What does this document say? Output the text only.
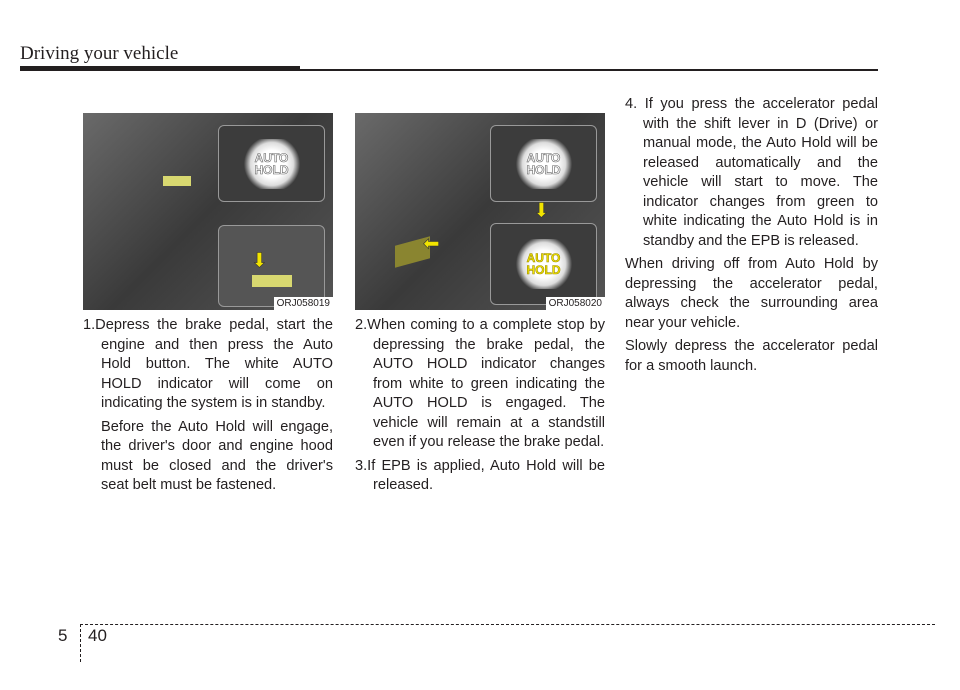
Driving your vehicle
AUTO HOLD
⬇
ORJ058019
AUTO HOLD
⬇
AUTO HOLD
⬅
ORJ058020

1.Depress the brake pedal, start the engine and then press the Auto Hold button. The white AUTO HOLD indicator will come on indicating the system is in standby.

Before the Auto Hold will engage, the driver's door and engine hood must be closed and the driver's seat belt must be fastened.

2.When coming to a complete stop by depressing the brake pedal, the AUTO HOLD indicator changes from white to green indicating the AUTO HOLD is engaged. The vehicle will remain at a standstill even if you release the brake pedal.

3.If EPB is applied, Auto Hold will be released.

4. If you press the accelerator pedal with the shift lever in D (Drive) or manual mode, the Auto Hold will be released automatically and the vehicle will start to move. The indicator changes from green to white indicating the Auto Hold is in standby and the EPB is released.

When driving off from Auto Hold by depressing the accelerator pedal, always check the surrounding area near your vehicle.

Slowly depress the accelerator pedal for a smooth launch.

5 40
